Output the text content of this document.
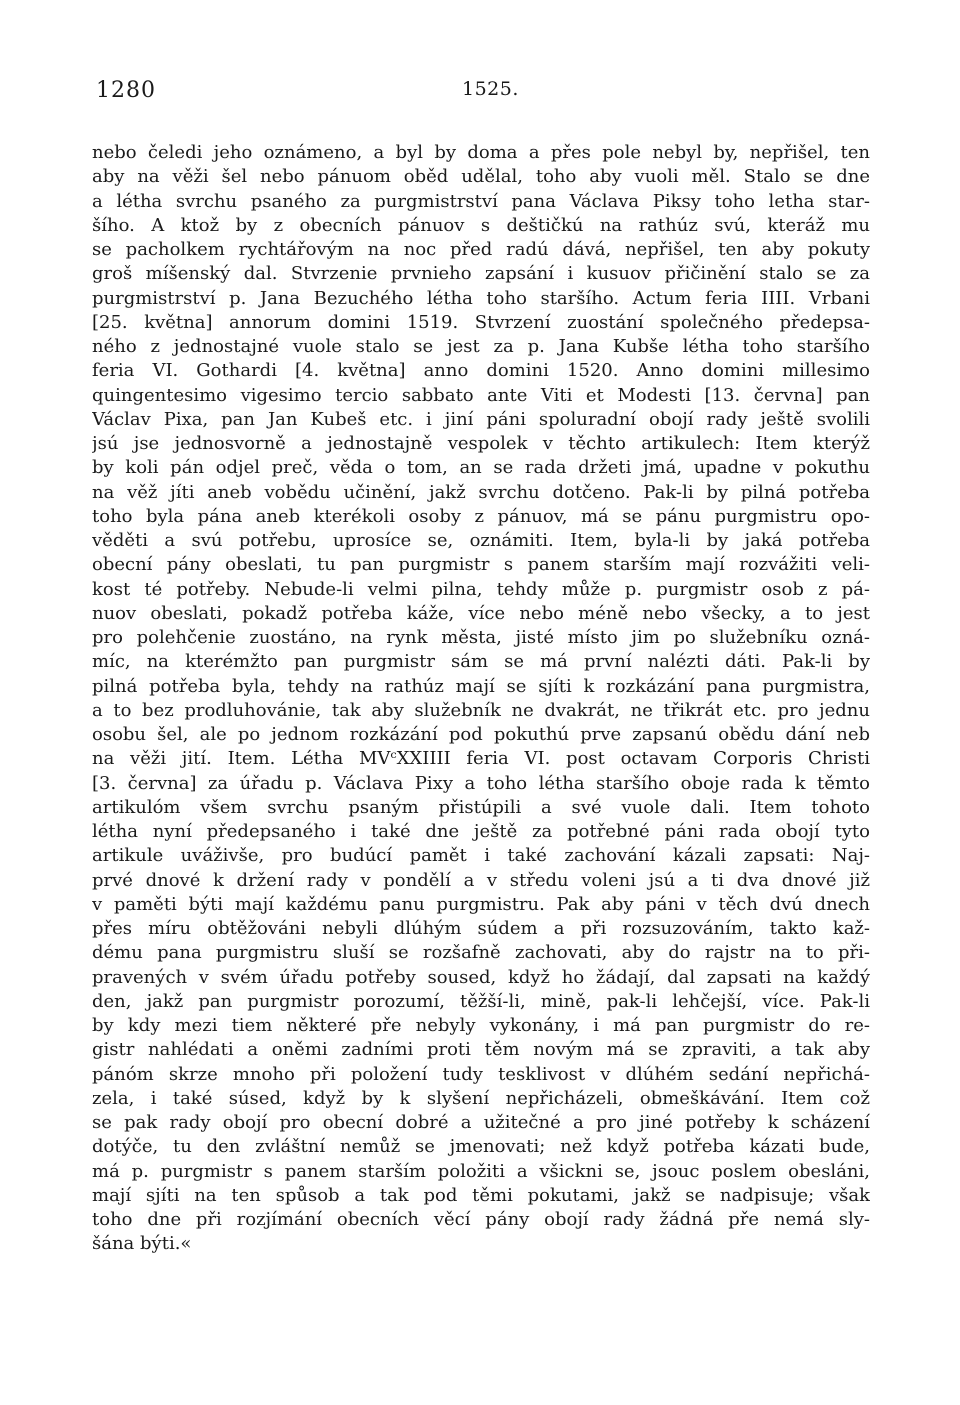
1280	1525.
nebo čeledi jeho oznámeno, a byl by doma a přes pole nebyl by, nepřišel, ten
aby na věži šel nebo pánuom oběd udělal, toho aby vuoli měl. Stalo se dne
a létha svrchu psaného za purgmistrství pana Václava Piksy toho letha star-
šího. A ktož by z obecních pánuov s deštičkú na rathúz svú, kteráž mu
se pacholkem rychtářovým na noc před radú dává, nepřišel, ten aby pokuty
groš míšenský dal. Stvrzenie prvnieho zapsání i kusuov přičinění stalo se za
purgmistrství p. Jana Bezuchého létha toho staršího. Actum feria IIII. Vrbani
[25. května] annorum domini 1519. Stvrzení zuostání společného předepsa-
ného z jednostajné vuole stalo se jest za p. Jana Kubše létha toho staršího
feria VI. Gothardi [4. května] anno domini 1520. Anno domini millesimo
quingentesimo vigesimo tercio sabbato ante Viti et Modesti [13. června] pan
Václav Pixa, pan Jan Kubeš etc. i jiní páni spoluradní obojí rady ještě svolili
jsú jse jednosvorně a jednostajně vespolek v těchto artikulech: Item kterýž
by koli pán odjel preč, věda o tom, an se rada držeti jmá, upadne v pokuthu
na věž jíti aneb vobědu učinění, jakž svrchu dotčeno. Pak-li by pilná potřeba
toho byla pána aneb kterékoli osoby z pánuov, má se pánu purgmistru opo-
věděti a svú potřebu, uprosíce se, oznámiti. Item, byla-li by jaká potřeba
obecní pány obeslati, tu pan purgmistr s panem starším mají rozvážiti veli-
kost té potřeby. Nebude-li velmi pilna, tehdy může p. purgmistr osob z pá-
nuov obeslati, pokadž potřeba káže, více nebo méně nebo všecky, a to jest
pro polehčenie zuostáno, na rynk města, jisté místo jim po služebníku ozná-
míc, na kterémžto pan purgmistr sám se má první nalézti dáti. Pak-li by
pilná potřeba byla, tehdy na rathúz mají se sjíti k rozkázání pana purgmistra,
a to bez prodluhovánie, tak aby služebník ne dvakrát, ne třikrát etc. pro jednu
osobu šel, ale po jednom rozkázání pod pokuthú prve zapsanú obědu dání neb
na věži jití. Item. Létha MVᶜXXIIII feria VI. post octavam Corporis Christi
[3. června] za úřadu p. Václava Pixy a toho létha staršího oboje rada k těmto
artikulóm všem svrchu psaným přistúpili a své vuole dali. Item tohoto
létha nyní předepsaného i také dne ještě za potřebné páni rada obojí tyto
artikule uváživše, pro budúcí pamět i také zachování kázali zapsati: Naj-
prvé dnové k držení rady v pondělí a v středu voleni jsú a ti dva dnové již
v paměti býti mají každému panu purgmistru. Pak aby páni v těch dvú dnech
přes míru obtěžováni nebyli dlúhým súdem a při rozsuzováním, takto kaž-
dému pana purgmistru sluší se rozšafně zachovati, aby do rajstr na to při-
pravených v svém úřadu potřeby soused, když ho žádají, dal zapsati na každý
den, jakž pan purgmistr porozumí, těžší-li, mině, pak-li lehčejší, více. Pak-li
by kdy mezi tiem některé pře nebyly vykonány, i má pan purgmistr do re-
gistr nahlédati a oněmi zadními proti těm novým má se zpraviti, a tak aby
pánóm skrze mnoho při položení tudy tesklivost v dlúhém sedání nepřichá-
zela, i také súsed, když by k slyšení nepřicházeli, obmeškávání. Item což
se pak rady obojí pro obecní dobré a užitečné a pro jiné potřeby k scházení
dotýče, tu den zvláštní nemůž se jmenovati; než když potřeba kázati bude,
má p. purgmistr s panem starším položiti a všickni se, jsouc poslem obesláni,
mají sjíti na ten spůsob a tak pod těmi pokutami, jakž se nadpisuje; však
toho dne při rozjímání obecních věcí pány obojí rady žádná pře nemá sly-
šána býti.«
